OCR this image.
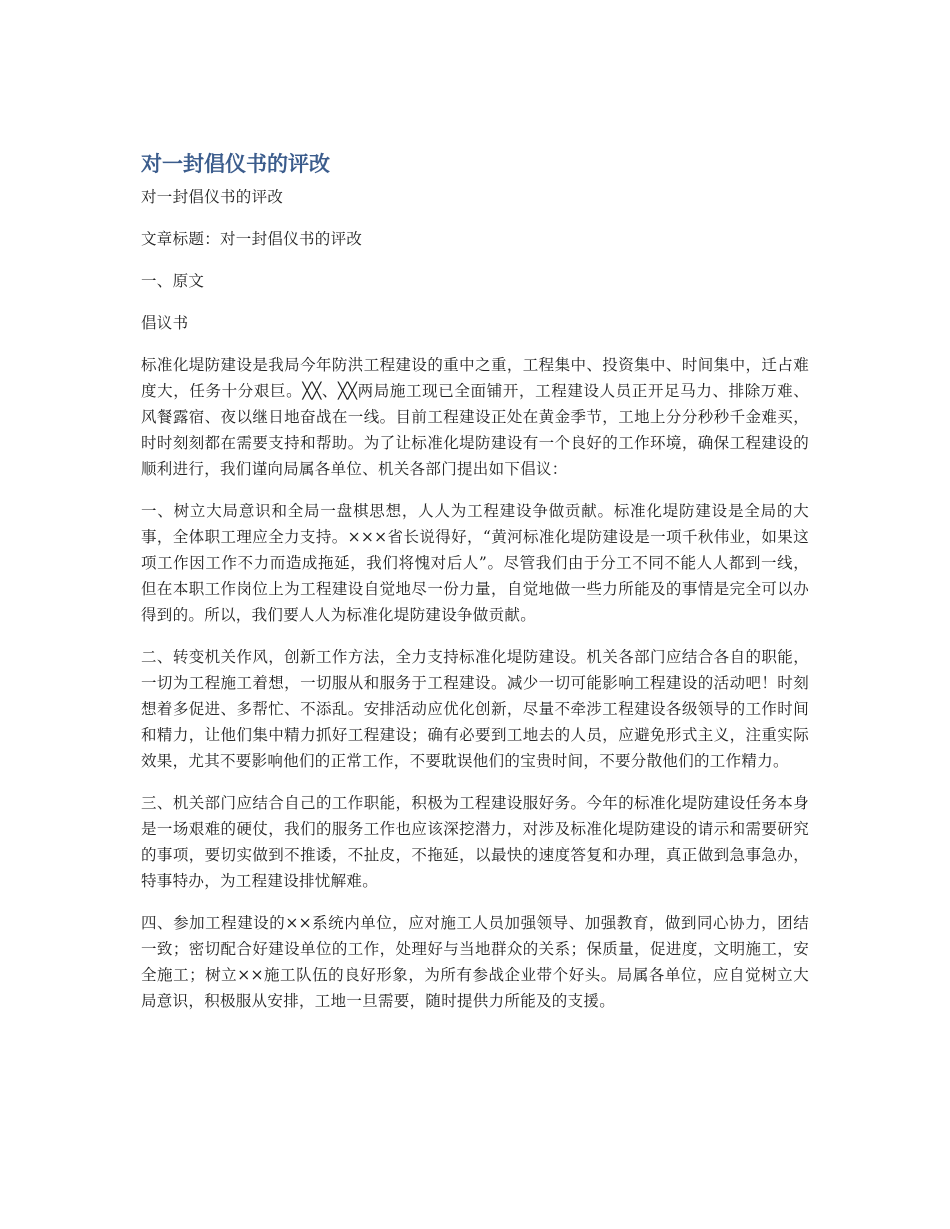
对一封倡仪书的评改

对一封倡仪书的评改

文章标题：对一封倡仪书的评改

一、原文

倡议书

标准化堤防建设是我局今年防洪工程建设的重中之重，工程集中、投资集中、时间集中，迁占难度大，任务十分艰巨。╳╳、╳╳两局施工现已全面铺开，工程建设人员正开足马力、排除万难、风餐露宿、夜以继日地奋战在一线。目前工程建设正处在黄金季节，工地上分分秒秒千金难买，时时刻刻都在需要支持和帮助。为了让标准化堤防建设有一个良好的工作环境，确保工程建设的顺利进行，我们谨向局属各单位、机关各部门提出如下倡议：

一、树立大局意识和全局一盘棋思想，人人为工程建设争做贡献。标准化堤防建设是全局的大事，全体职工理应全力支持。×××省长说得好，“黄河标准化堤防建设是一项千秋伟业，如果这项工作因工作不力而造成拖延，我们将愧对后人”。尽管我们由于分工不同不能人人都到一线，但在本职工作岗位上为工程建设自觉地尽一份力量，自觉地做一些力所能及的事情是完全可以办得到的。所以，我们要人人为标准化堤防建设争做贡献。

二、转变机关作风，创新工作方法，全力支持标准化堤防建设。机关各部门应结合各自的职能，一切为工程施工着想，一切服从和服务于工程建设。减少一切可能影响工程建设的活动吧！时刻想着多促进、多帮忙、不添乱。安排活动应优化创新，尽量不牵涉工程建设各级领导的工作时间和精力，让他们集中精力抓好工程建设；确有必要到工地去的人员，应避免形式主义，注重实际效果，尤其不要影响他们的正常工作，不要耽误他们的宝贵时间，不要分散他们的工作精力。

三、机关部门应结合自己的工作职能，积极为工程建设服好务。今年的标准化堤防建设任务本身是一场艰难的硬仗，我们的服务工作也应该深挖潜力，对涉及标准化堤防建设的请示和需要研究的事项，要切实做到不推诿，不扯皮，不拖延，以最快的速度答复和办理，真正做到急事急办，特事特办，为工程建设排忧解难。

四、参加工程建设的××系统内单位，应对施工人员加强领导、加强教育，做到同心协力，团结一致；密切配合好建设单位的工作，处理好与当地群众的关系；保质量，促进度，文明施工，安全施工；树立××施工队伍的良好形象，为所有参战企业带个好头。局属各单位，应自觉树立大局意识，积极服从安排，工地一旦需要，随时提供力所能及的支援。
